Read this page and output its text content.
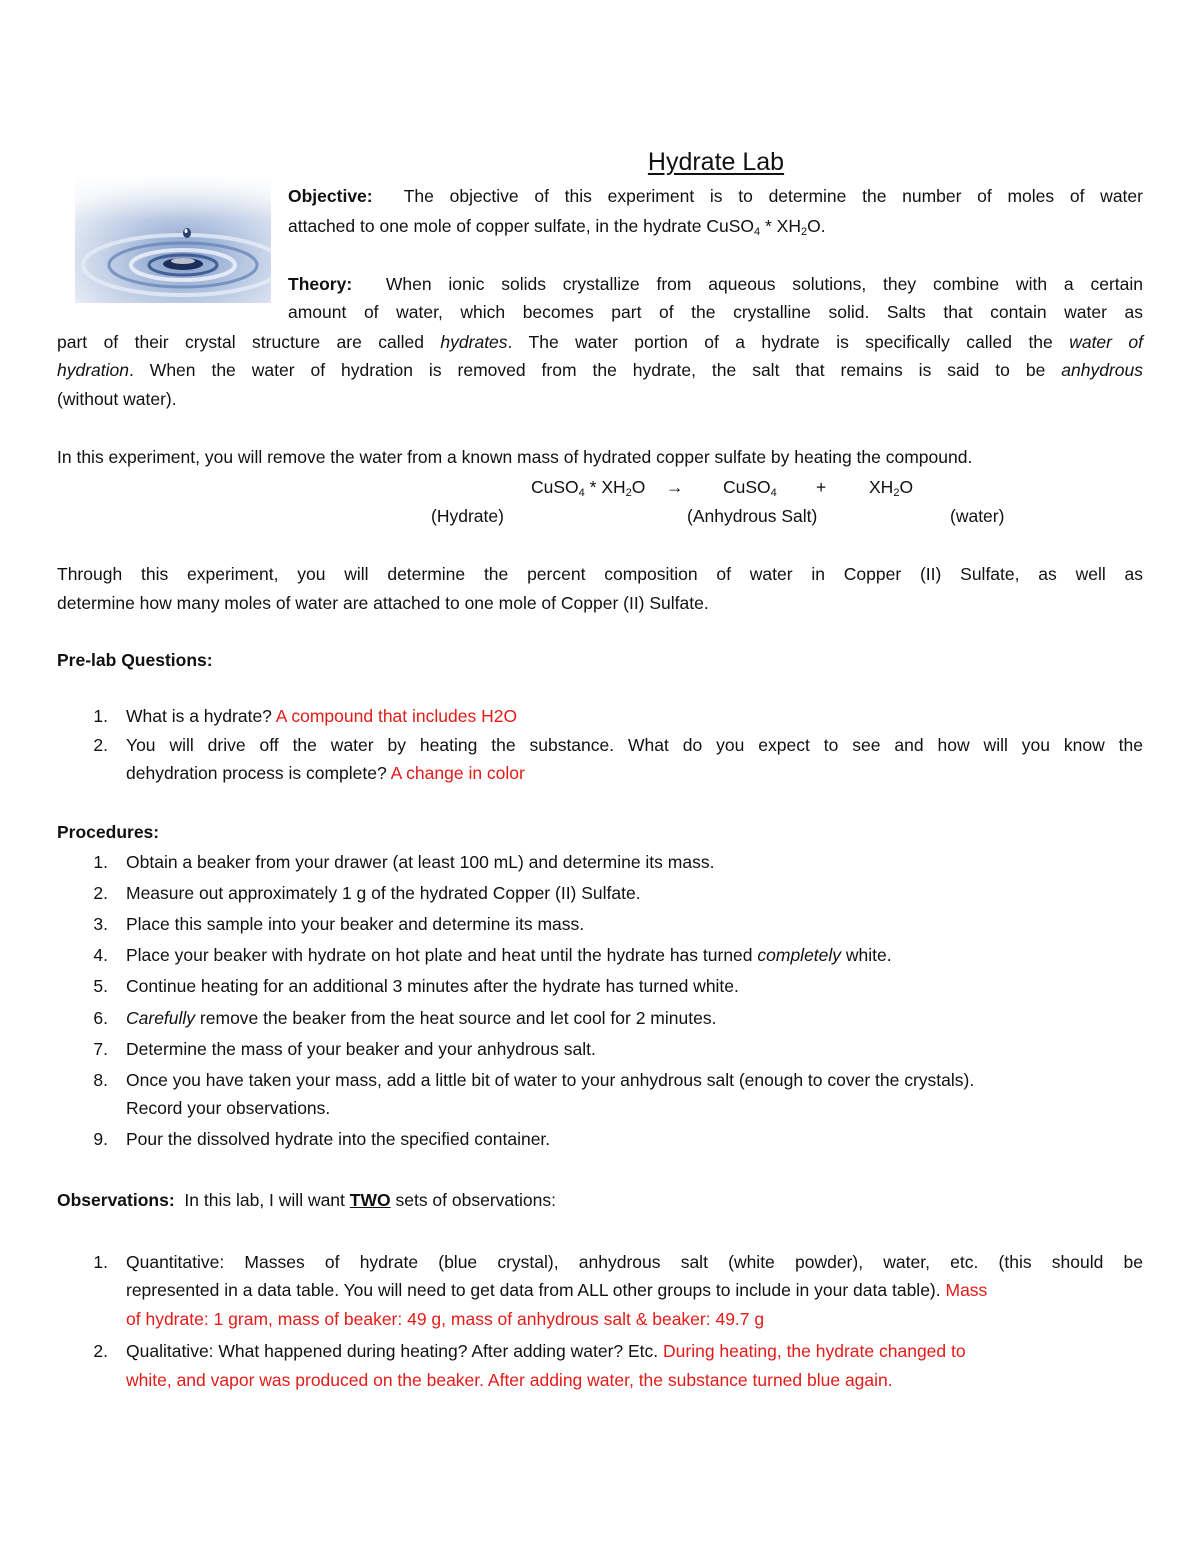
Hydrate Lab
Objective: The objective of this experiment is to determine the number of moles of water
attached to one mole of copper sulfate, in the hydrate CuSO$_4$ * $XH_2O$.
Theory: When ionic solids crystallize from aqueous solutions, they combine with a certain
amount of water, which becomes part of the crystalline solid. Salts that contain water as
part of their crystal structure are called hydrates. The water portion of a hydrate is specifically called the water of
hydration. When the water of hydration is removed from the hydrate, the salt that remains is said to be anhydrous
(without water).
In this experiment, you will remove the water from a known mass of hydrated copper sulfate by heating the compound.
CuSO$_4$ * $XH_2O$ → CuSO$_4$ + $XH_2O$
(Hydrate)	(Anhydrous Salt)	(water)
Through this experiment, you will determine the percent composition of water in Copper (II) Sulfate, as well as
determine how many moles of water are attached to one mole of Copper (II) Sulfate.
Pre-lab Questions:
1. What is a hydrate? A compound that includes H2O
2. You will drive off the water by heating the substance. What do you expect to see and how will you know the
dehydration process is complete? A change in color
Procedures:
1. Obtain a beaker from your drawer (at least 100 mL) and determine its mass.
2. Measure out approximately 1 g of the hydrated Copper (II) Sulfate.
3. Place this sample into your beaker and determine its mass.
4. Place your beaker with hydrate on hot plate and heat until the hydrate has turned completely white.
5. Continue heating for an additional 3 minutes after the hydrate has turned white.
6. Carefully remove the beaker from the heat source and let cool for 2 minutes.
7. Determine the mass of your beaker and your anhydrous salt.
8. Once you have taken your mass, add a little bit of water to your anhydrous salt (enough to cover the crystals).
Record your observations.
9. Pour the dissolved hydrate into the specified container.
Observations: In this lab, I will want TWO sets of observations:
1. Quantitative: Masses of hydrate (blue crystal), anhydrous salt (white powder), water, etc. (this should be
represented in a data table. You will need to get data from ALL other groups to include in your data table). Mass
of hydrate: 1 gram, mass of beaker: 49 g, mass of anhydrous salt & beaker: 49.7 g
2. Qualitative: What happened during heating? After adding water? Etc. During heating, the hydrate changed to
white, and vapor was produced on the beaker. After adding water, the substance turned blue again.
